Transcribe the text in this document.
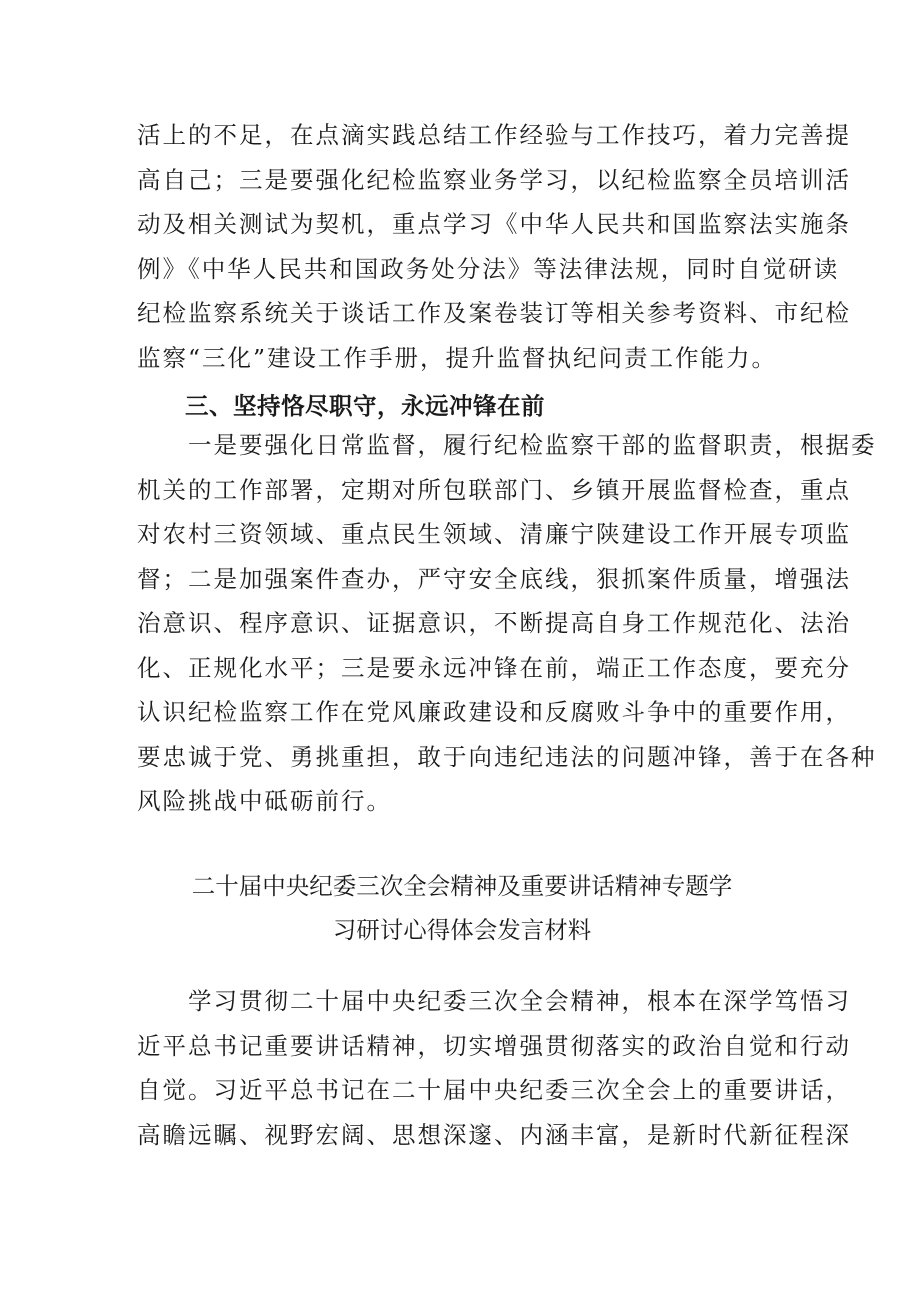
活上的不足，在点滴实践总结工作经验与工作技巧，着力完善提
高自己；三是要强化纪检监察业务学习，以纪检监察全员培训活
动及相关测试为契机，重点学习《中华人民共和国监察法实施条
例》《中华人民共和国政务处分法》等法律法规，同时自觉研读
纪检监察系统关于谈话工作及案卷装订等相关参考资料、市纪检
监察“三化”建设工作手册，提升监督执纪问责工作能力。
三、坚持恪尽职守，永远冲锋在前
　　一是要强化日常监督，履行纪检监察干部的监督职责，根据委
机关的工作部署，定期对所包联部门、乡镇开展监督检查，重点
对农村三资领域、重点民生领域、清廉宁陕建设工作开展专项监
督；二是加强案件查办，严守安全底线，狠抓案件质量，增强法
治意识、程序意识、证据意识，不断提高自身工作规范化、法治
化、正规化水平；三是要永远冲锋在前，端正工作态度，要充分
认识纪检监察工作在党风廉政建设和反腐败斗争中的重要作用，
要忠诚于党、勇挑重担，敢于向违纪违法的问题冲锋，善于在各种
风险挑战中砥砺前行。
二十届中央纪委三次全会精神及重要讲话精神专题学
习研讨心得体会发言材料
　　学习贯彻二十届中央纪委三次全会精神，根本在深学笃悟习
近平总书记重要讲话精神，切实增强贯彻落实的政治自觉和行动
自觉。习近平总书记在二十届中央纪委三次全会上的重要讲话，
高瞻远瞩、视野宏阔、思想深邃、内涵丰富，是新时代新征程深
